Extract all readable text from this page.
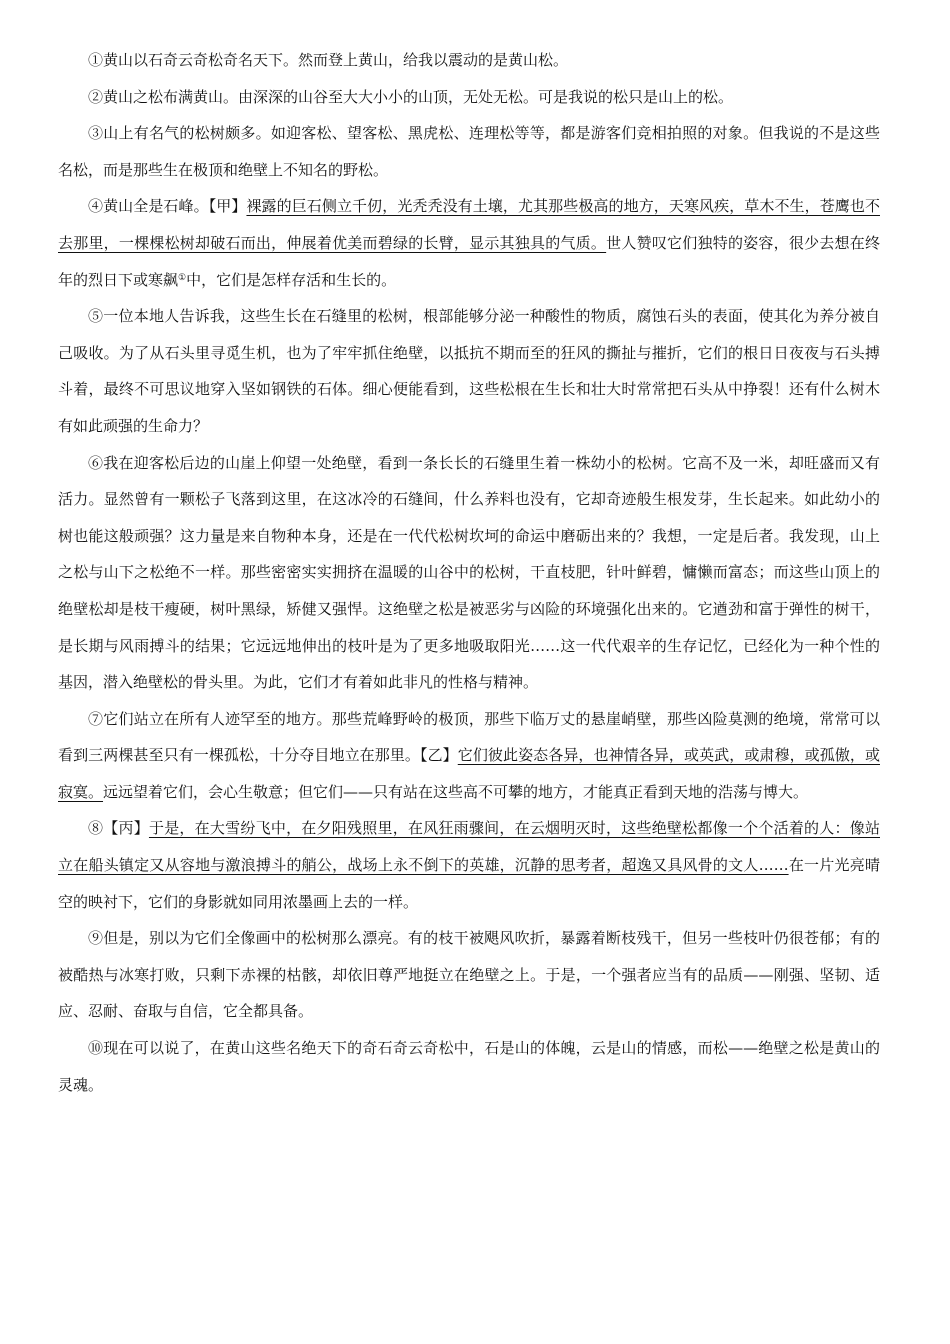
①黄山以石奇云奇松奇名天下。然而登上黄山，给我以震动的是黄山松。

②黄山之松布满黄山。由深深的山谷至大大小小的山顶，无处无松。可是我说的松只是山上的松。

③山上有名气的松树颇多。如迎客松、望客松、黑虎松、连理松等等，都是游客们竞相拍照的对象。但我说的不是这些名松，而是那些生在极顶和绝壁上不知名的野松。

④黄山全是石峰。【甲】裸露的巨石侧立千仞，光秃秃没有土壤，尤其那些极高的地方，天寒风疾，草木不生，苍鹰也不去那里，一棵棵松树却破石而出，伸展着优美而碧绿的长臂，显示其独具的气质。世人赞叹它们独特的姿容，很少去想在终年的烈日下或寒飙①中，它们是怎样存活和生长的。

⑤一位本地人告诉我，这些生长在石缝里的松树，根部能够分泌一种酸性的物质，腐蚀石头的表面，使其化为养分被自己吸收。为了从石头里寻觅生机，也为了牢牢抓住绝壁，以抵抗不期而至的狂风的撕扯与摧折，它们的根日日夜夜与石头搏斗着，最终不可思议地穿入坚如钢铁的石体。细心便能看到，这些松根在生长和壮大时常常把石头从中挣裂！还有什么树木有如此顽强的生命力？

⑥我在迎客松后边的山崖上仰望一处绝壁，看到一条长长的石缝里生着一株幼小的松树。它高不及一米，却旺盛而又有活力。显然曾有一颗松子飞落到这里，在这冰冷的石缝间，什么养料也没有，它却奇迹般生根发芽，生长起来。如此幼小的树也能这般顽强？这力量是来自物种本身，还是在一代代松树坎坷的命运中磨砺出来的？我想，一定是后者。我发现，山上之松与山下之松绝不一样。那些密密实实拥挤在温暖的山谷中的松树，干直枝肥，针叶鲜碧，慵懒而富态；而这些山顶上的绝壁松却是枝干瘦硬，树叶黑绿，矫健又强悍。这绝壁之松是被恶劣与凶险的环境强化出来的。它遒劲和富于弹性的树干，是长期与风雨搏斗的结果；它远远地伸出的枝叶是为了更多地吸取阳光……这一代代艰辛的生存记忆，已经化为一种个性的基因，潜入绝壁松的骨头里。为此，它们才有着如此非凡的性格与精神。

⑦它们站立在所有人迹罕至的地方。那些荒峰野岭的极顶，那些下临万丈的悬崖峭壁，那些凶险莫测的绝境，常常可以看到三两棵甚至只有一棵孤松，十分夺目地立在那里。【乙】它们彼此姿态各异，也神情各异，或英武，或肃穆，或孤傲，或寂寞。远远望着它们，会心生敬意；但它们——只有站在这些高不可攀的地方，才能真正看到天地的浩荡与博大。

⑧【丙】于是，在大雪纷飞中，在夕阳残照里，在风狂雨骤间，在云烟明灭时，这些绝壁松都像一个个活着的人：像站立在船头镇定又从容地与激浪搏斗的艄公，战场上永不倒下的英雄，沉静的思考者，超逸又具风骨的文人……在一片光亮晴空的映衬下，它们的身影就如同用浓墨画上去的一样。

⑨但是，别以为它们全像画中的松树那么漂亮。有的枝干被飓风吹折，暴露着断枝残干，但另一些枝叶仍很苍郁；有的被酷热与冰寒打败，只剩下赤裸的枯骸，却依旧尊严地挺立在绝壁之上。于是，一个强者应当有的品质——刚强、坚韧、适应、忍耐、奋取与自信，它全都具备。

⑩现在可以说了，在黄山这些名绝天下的奇石奇云奇松中，石是山的体魄，云是山的情感，而松——绝壁之松是黄山的灵魂。
